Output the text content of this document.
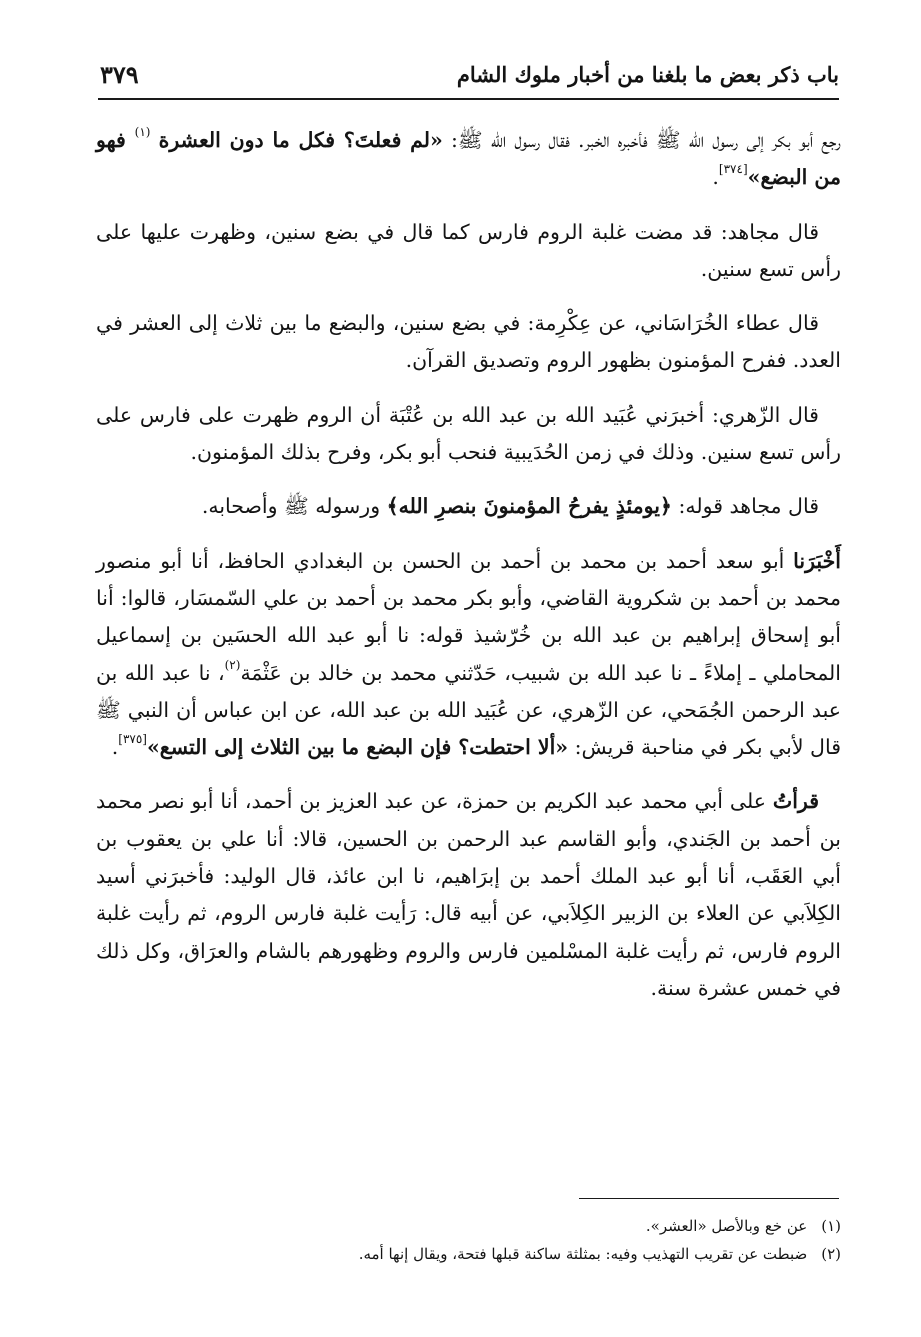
باب ذكر بعض ما بلغنا من أخبار ملوك الشام
٣٧٩

رجع أبو بكر إلى رسول الله ﷺ فأخبره الخبر. فقال رسول الله ﷺ: «لم فعلتَ؟ فكل ما دون العشرة $^{(١)}$ فهو من البضع»[٣٧٤].

قال مجاهد: قد مضت غلبة الروم فارس كما قال في بضع سنين، وظهرت عليها على رأس تسع سنين.

قال عطاء الخُرَاسَاني، عن عِكْرِمة: في بضع سنين، والبضع ما بين ثلاث إلى العشر في العدد. ففرح المؤمنون بظهور الروم وتصديق القرآن.

قال الزّهري: أخبرَني عُبَيد الله بن عبد الله بن عُتْبَة أن الروم ظهرت على فارس على رأس تسع سنين. وذلك في زمن الحُدَيبية فنحب أبو بكر، وفرح بذلك المؤمنون.

قال مجاهد قوله: ﴿يومئذٍ يفرحُ المؤمنونَ بنصرِ الله﴾ ورسوله ﷺ وأصحابه.

أَخْبَرَنا أبو سعد أحمد بن محمد بن أحمد بن الحسن بن البغدادي الحافظ، أنا أبو منصور محمد بن أحمد بن شكروية القاضي، وأبو بكر محمد بن أحمد بن علي السّمسَار، قالوا: أنا أبو إسحاق إبراهيم بن عبد الله بن خُرّشيذ قوله: نا أبو عبد الله الحسَين بن إسماعيل المحاملي ـ إملاءً ـ نا عبد الله بن شبيب، حَدّثني محمد بن خالد بن عَثْمَة$^{(٢)}$، نا عبد الله بن عبد الرحمن الجُمَحي، عن الزّهري، عن عُبَيد الله بن عبد الله، عن ابن عباس أن النبي ﷺ قال لأبي بكر في مناحبة قريش: «ألا احتطت؟ فإن البضع ما بين الثلاث إلى التسع»[٣٧٥].

قرأتُ على أبي محمد عبد الكريم بن حمزة، عن عبد العزيز بن أحمد، أنا أبو نصر محمد بن أحمد بن الجَندي، وأبو القاسم عبد الرحمن بن الحسين، قالا: أنا علي بن يعقوب بن أبي العَقَب، أنا أبو عبد الملك أحمد بن إبرَاهيم، نا ابن عائذ، قال الوليد: فأخبرَني أسيد الكِلاَبي عن العلاء بن الزبير الكِلاَبي، عن أبيه قال: رَأيت غلبة فارس الروم، ثم رأيت غلبة الروم فارس، ثم رأيت غلبة المسْلمين فارس والروم وظهورهم بالشام والعرَاق، وكل ذلك في خمس عشرة سنة.

(١)عن خع وبالأصل «العشر».

(٢)ضبطت عن تقريب التهذيب وفيه: بمثلثة ساكنة قبلها فتحة، ويقال إنها أمه.
